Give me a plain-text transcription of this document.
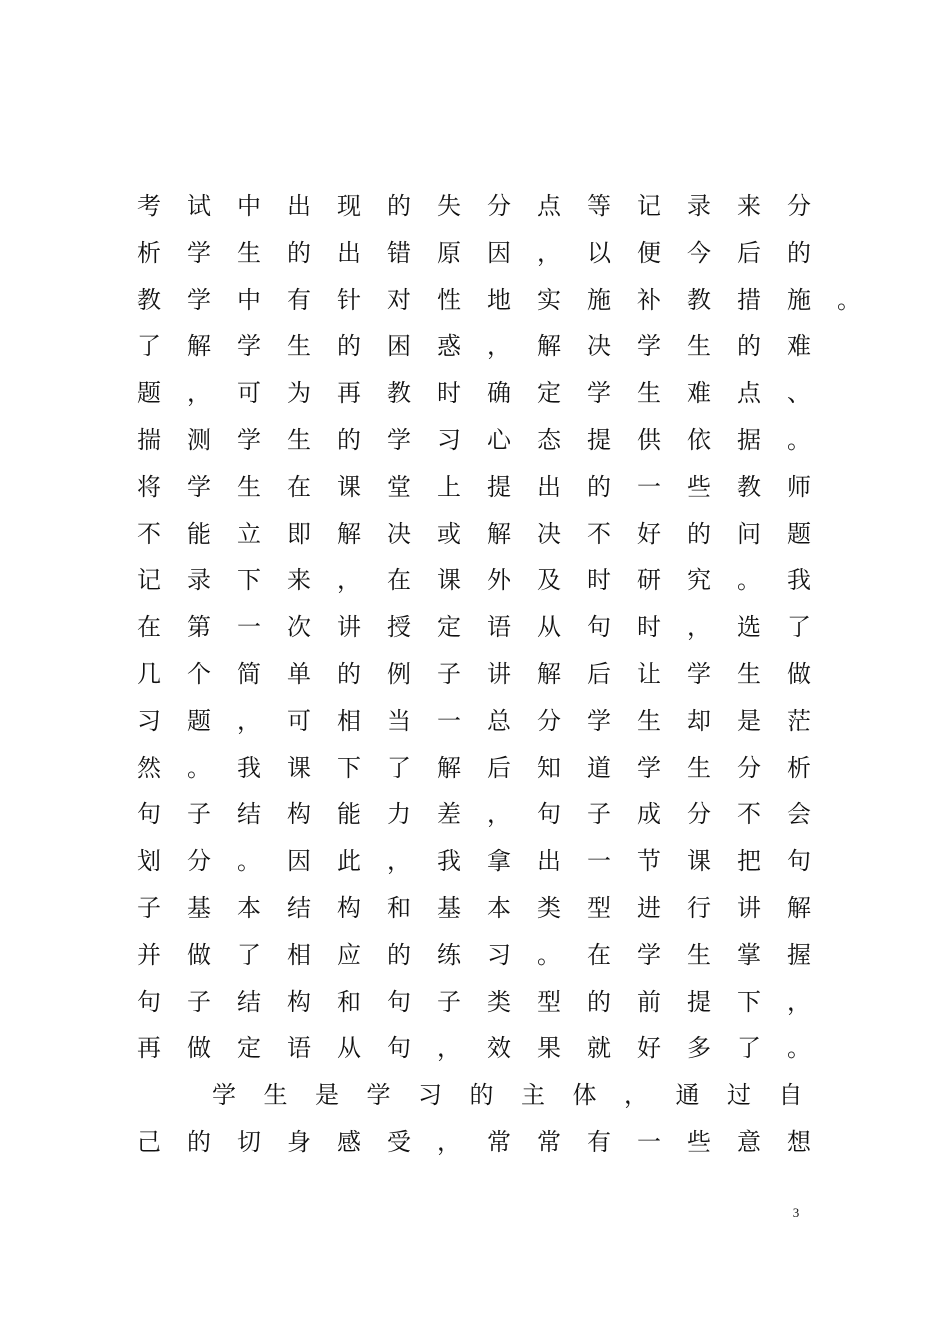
考 试 中 出 现 的 失 分 点 等 记 录 来 分
析 学 生 的 出 错 原 因 ， 以 便 今 后 的
教 学 中 有 针 对 性 地 实 施 补 教 措 施 。
了 解 学 生 的 困 惑 ， 解 决 学 生 的 难
题 ， 可 为 再 教 时 确 定 学 生 难 点 、
揣 测 学 生 的 学 习 心 态 提 供 依 据 。
将 学 生 在 课 堂 上 提 出 的 一 些 教 师
不 能 立 即 解 决 或 解 决 不 好 的 问 题
记 录 下 来 ， 在 课 外 及 时 研 究 。 我
在 第 一 次 讲 授 定 语 从 句 时 ， 选 了
几 个 简 单 的 例 子 讲 解 后 让 学 生 做
习 题 ， 可 相 当 一 总 分 学 生 却 是 茫
然 。 我 课 下 了 解 后 知 道 学 生 分 析
句 子 结 构 能 力 差 ， 句 子 成 分 不 会
划 分 。 因 此 ， 我 拿 出 一 节 课 把 句
子 基 本 结 构 和 基 本 类 型 进 行 讲 解
并 做 了 相 应 的 练 习 。 在 学 生 掌 握
句 子 结 构 和 句 子 类 型 的 前 提 下 ，
再 做 定 语 从 句 ， 效 果 就 好 多 了 。
学 生 是 学 习 的 主 体 ， 通 过 自
己 的 切 身 感 受 ， 常 常 有 一 些 意 想
3
